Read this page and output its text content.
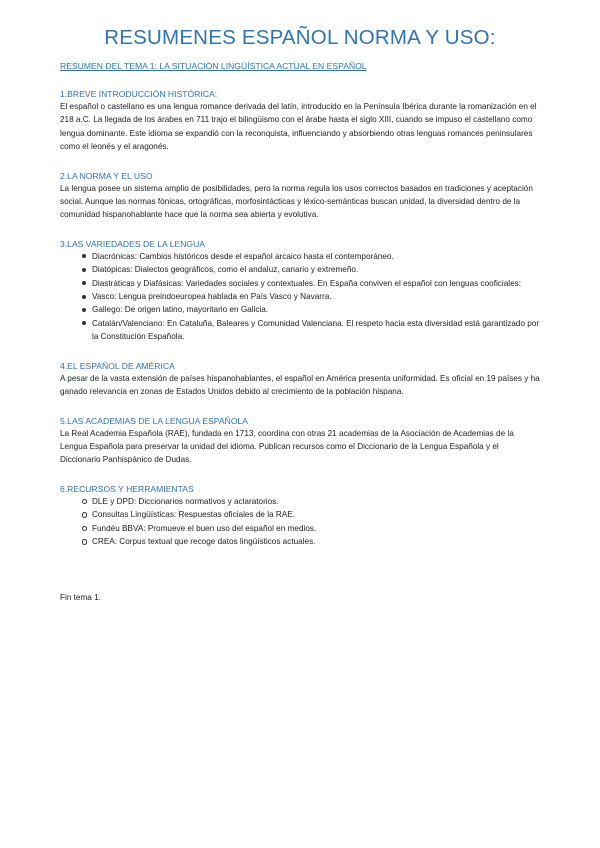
RESUMENES ESPAÑOL NORMA Y USO:
RESUMEN DEL TEMA 1: LA SITUACIÓN LINGÜÍSTICA ACTUAL EN ESPAÑOL
1.BREVE INTRODUCCIÓN HISTÓRICA:

El español o castellano es una lengua romance derivada del latín, introducido en la Península Ibérica durante la romanización en el 218 a.C. La llegada de los árabes en 711 trajo el bilingüismo con el árabe hasta el siglo XIII, cuando se impuso el castellano como lengua dominante. Este idioma se expandió con la reconquista, influenciando y absorbiendo otras lenguas romances peninsulares como el leonés y el aragonés.

2.LA NORMA Y EL USO

La lengua posee un sistema amplio de posibilidades, pero la norma regula los usos correctos basados en tradiciones y aceptación social. Aunque las normas fónicas, ortográficas, morfosintácticas y léxico-semánticas buscan unidad, la diversidad dentro de la comunidad hispanohablante hace que la norma sea abierta y evolutiva.

3.LAS VARIEDADES DE LA LENGUA
Diacrónicas: Cambios históricos desde el español arcaico hasta el contemporáneo.
Diatópicas: Dialectos geográficos, como el andaluz, canario y extremeño.
Diastráticas y Diafásicas: Variedades sociales y contextuales. En España conviven el español con lenguas cooficiales:
Vasco: Lengua preindoeuropea hablada en País Vasco y Navarra.
Gallego: De origen latino, mayoritario en Galicia.
Catalán/Valenciano: En Cataluña, Baleares y Comunidad Valenciana. El respeto hacia esta diversidad está garantizado por la Constitución Española.
4.EL ESPAÑOL DE AMÉRICA

A pesar de la vasta extensión de países hispanohablantes, el español en América presenta uniformidad. Es oficial en 19 países y ha ganado relevancia en zonas de Estados Unidos debido al crecimiento de la población hispana.

5.LAS ACADEMIAS DE LA LENGUA ESPAÑOLA

La Real Academia Española (RAE), fundada en 1713, coordina con otras 21 academias de la Asociación de Academias de la Lengua Española para preservar la unidad del idioma. Publican recursos como el Diccionario de la Lengua Española y el Diccionario Panhispánico de Dudas.

6.RECURSOS Y HERRAMIENTAS
DLE y DPD: Diccionarios normativos y aclaratorios.
Consultas Lingüísticas: Respuestas oficiales de la RAE.
Fundéu BBVA: Promueve el buen uso del español en medios.
CREA: Corpus textual que recoge datos lingüísticos actuales.
Fin tema 1.
